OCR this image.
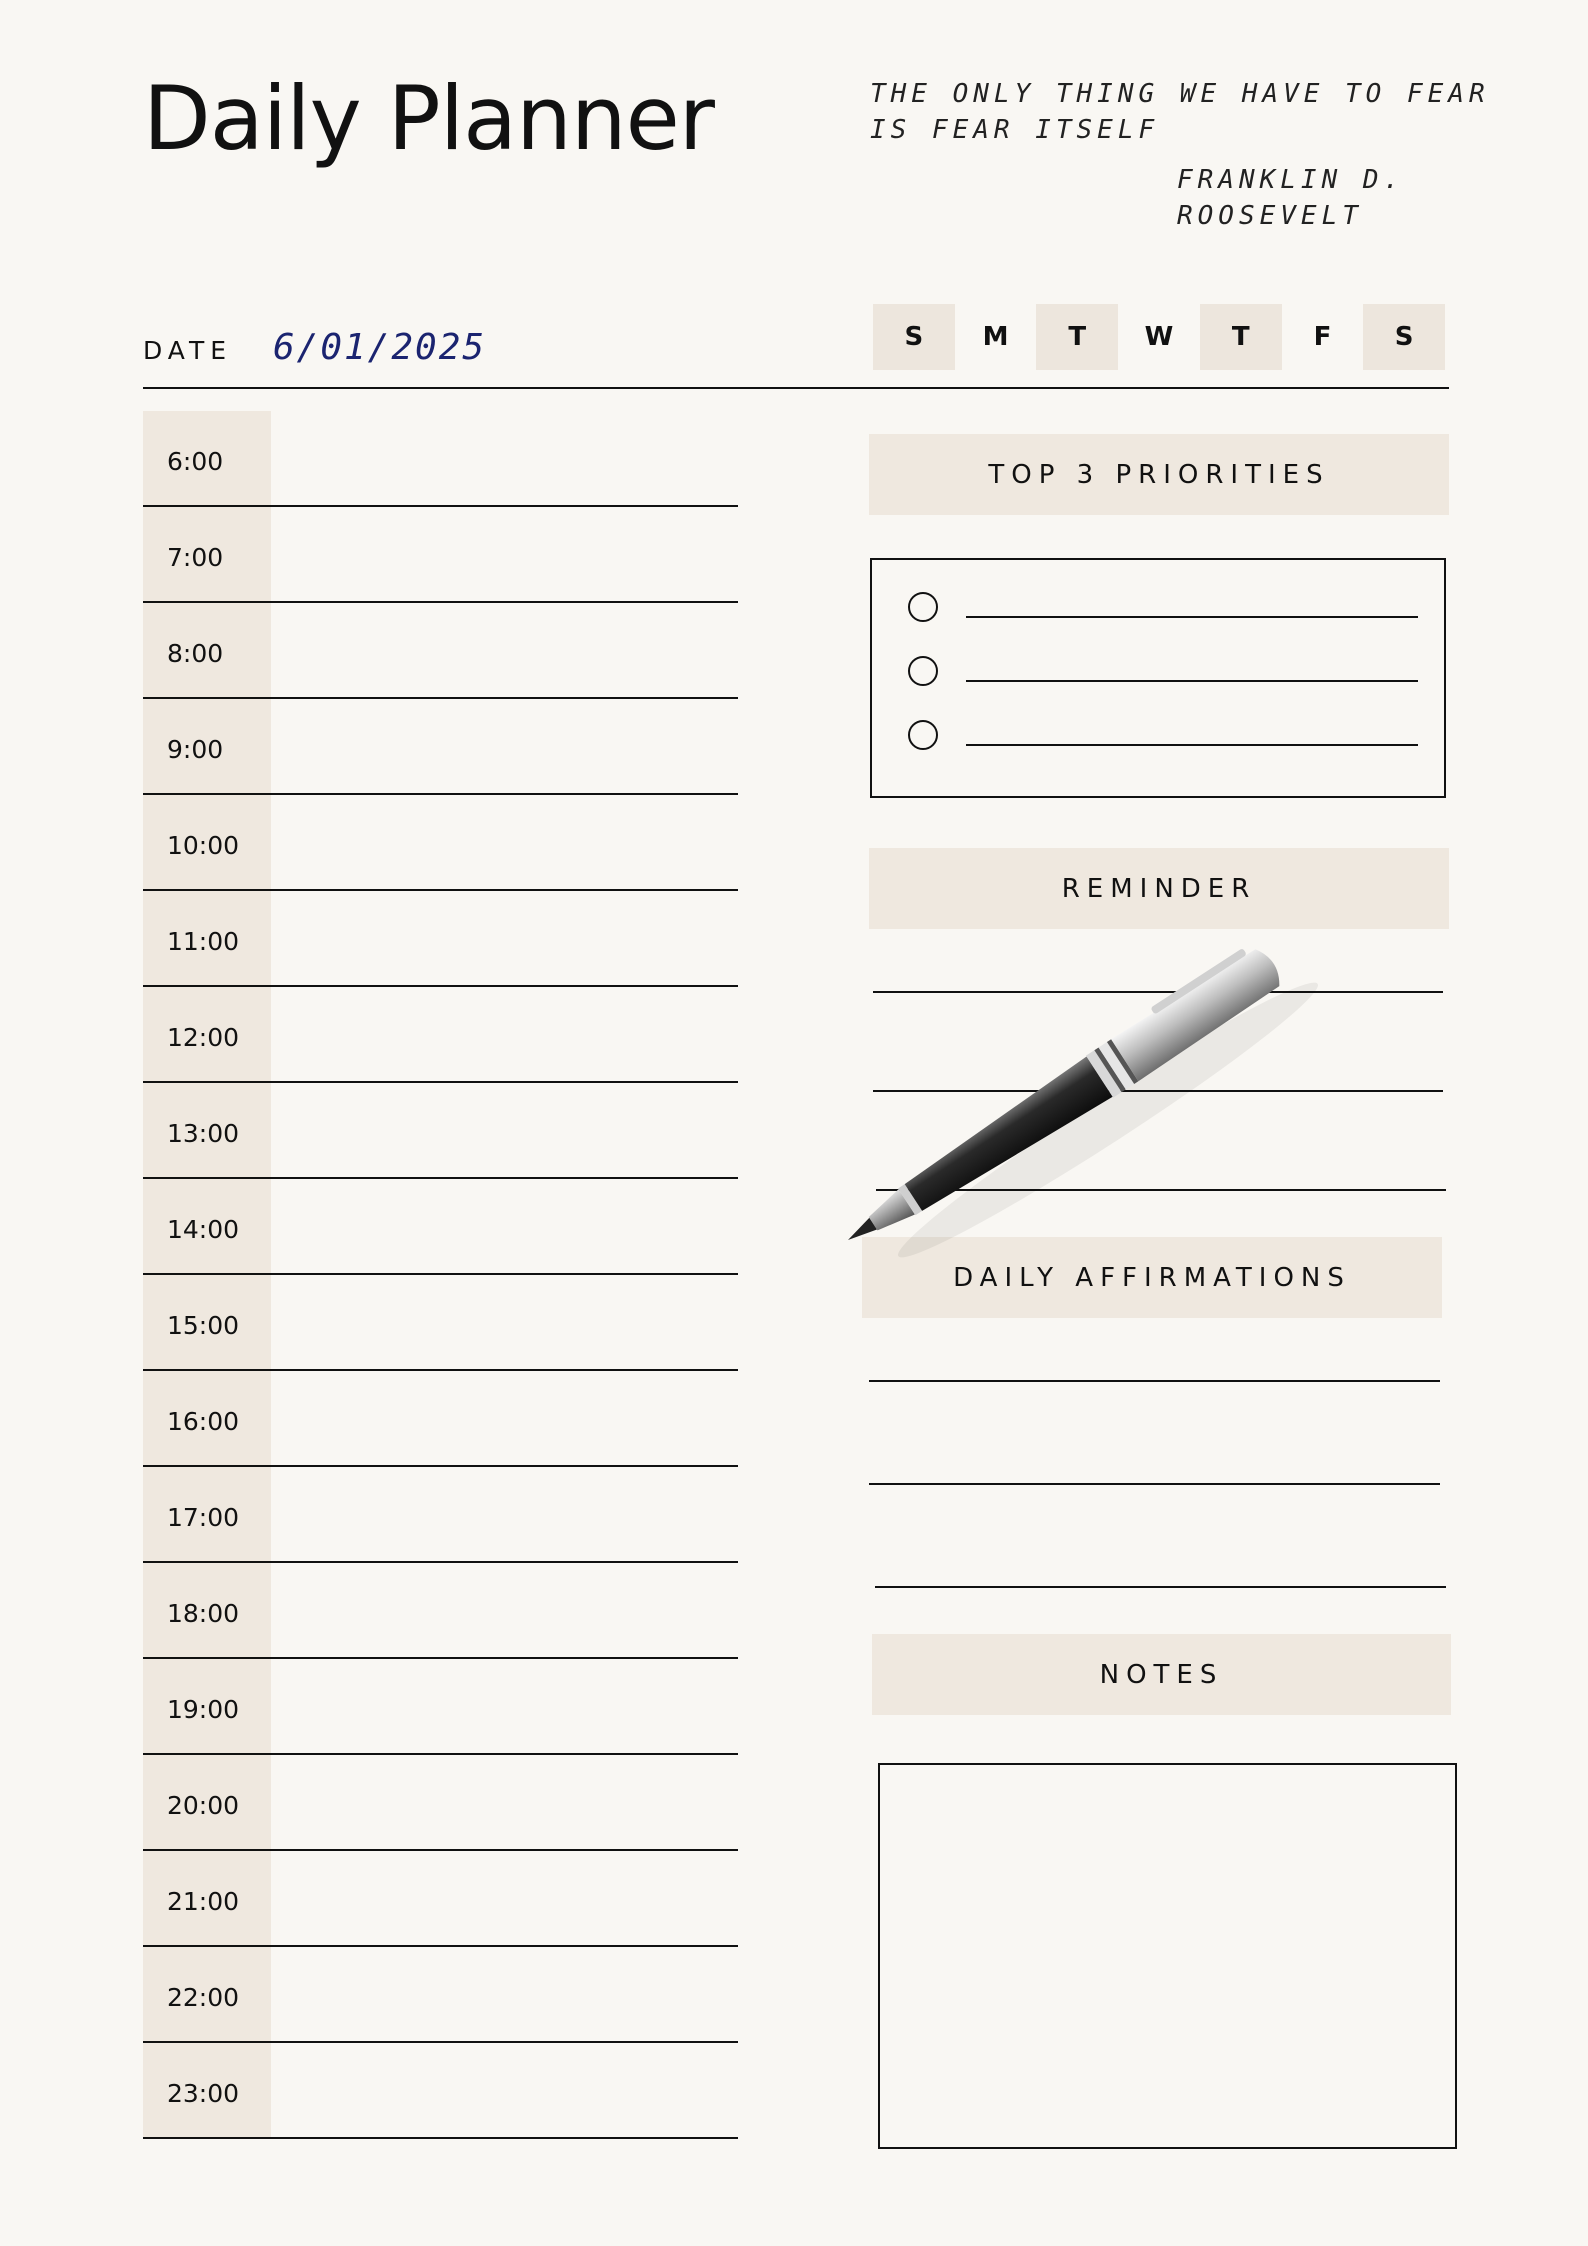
Daily Planner	THE ONLY THING WE HAVE TO FEAR
IS FEAR ITSELF
FRANKLIN D.
ROOSEVELT
DATE 6/01/2025	S	M	T	W	T	F	S
6:00
7:00
8:00
9:00
10:00
11:00
12:00
13:00
14:00
15:00
16:00
17:00
18:00
19:00
20:00
21:00
22:00
23:00
TOP 3 PRIORITIES
REMINDER
DAILY AFFIRMATIONS
NOTES
